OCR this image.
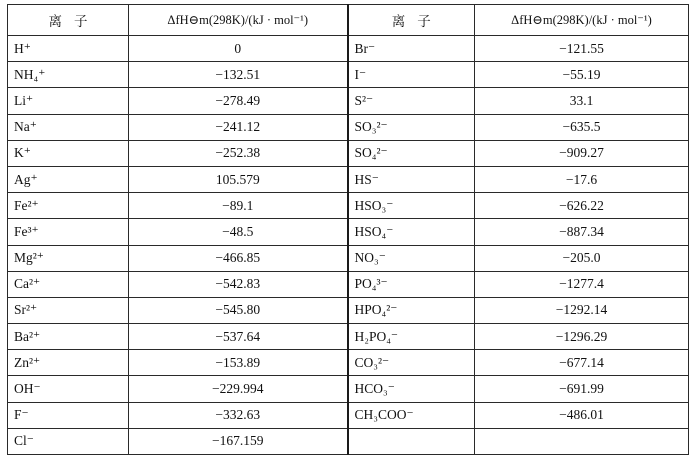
离子	ΔfH⊖m(298K)/(kJ · mol⁻¹)	离子	ΔfH⊖m(298K)/(kJ · mol⁻¹)
H⁺	0	Br⁻	−121.55
NH₄⁺	−132.51	I⁻	−55.19
Li⁺	−278.49	S²⁻	33.1
Na⁺	−241.12	SO₃²⁻	−635.5
K⁺	−252.38	SO₄²⁻	−909.27
Ag⁺	105.579	HS⁻	−17.6
Fe²⁺	−89.1	HSO₃⁻	−626.22
Fe³⁺	−48.5	HSO₄⁻	−887.34
Mg²⁺	−466.85	NO₃⁻	−205.0
Ca²⁺	−542.83	PO₄³⁻	−1277.4
Sr²⁺	−545.80	HPO₄²⁻	−1292.14
Ba²⁺	−537.64	H₂PO₄⁻	−1296.29
Zn²⁺	−153.89	CO₃²⁻	−677.14
OH⁻	−229.994	HCO₃⁻	−691.99
F⁻	−332.63	CH₃COO⁻	−486.01
Cl⁻	−167.159		
